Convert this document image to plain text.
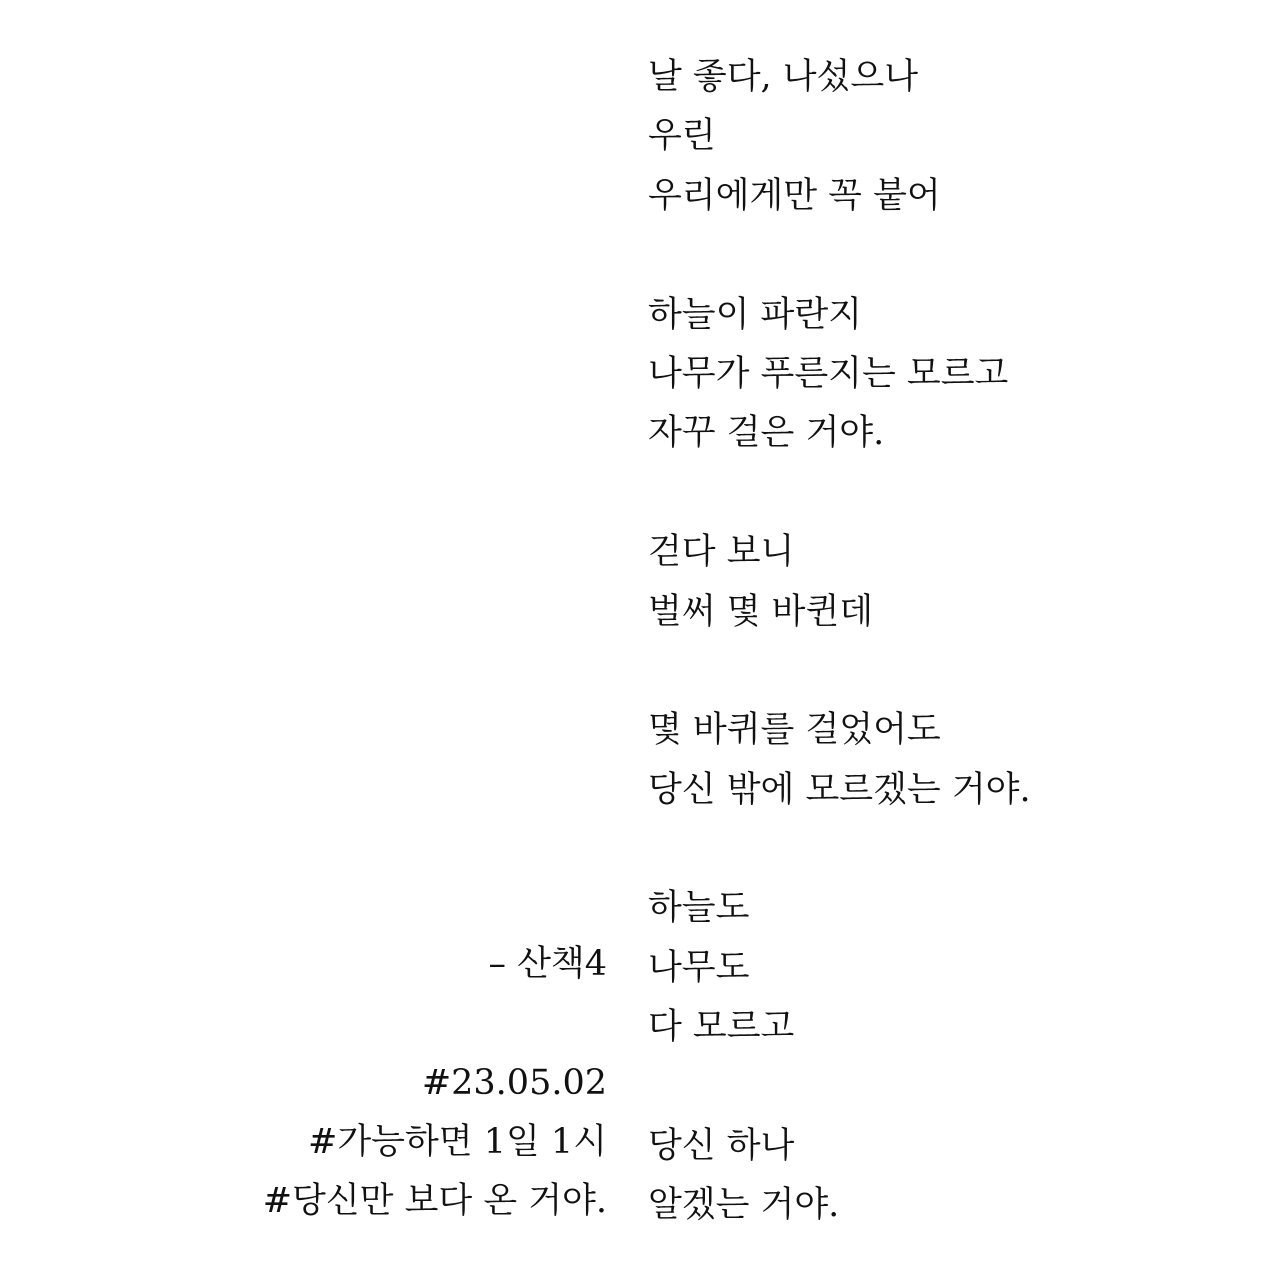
날 좋다, 나섰으나
우린
우리에게만 꼭 붙어
하늘이 파란지
나무가 푸른지는 모르고
자꾸 걸은 거야.
걷다 보니
벌써 몇 바퀸데
몇 바퀴를 걸었어도
당신 밖에 모르겠는 거야.
하늘도
나무도
다 모르고
당신 하나
알겠는 거야.
– 산책4
#23.05.02
#가능하면 1일 1시
#당신만 보다 온 거야.
